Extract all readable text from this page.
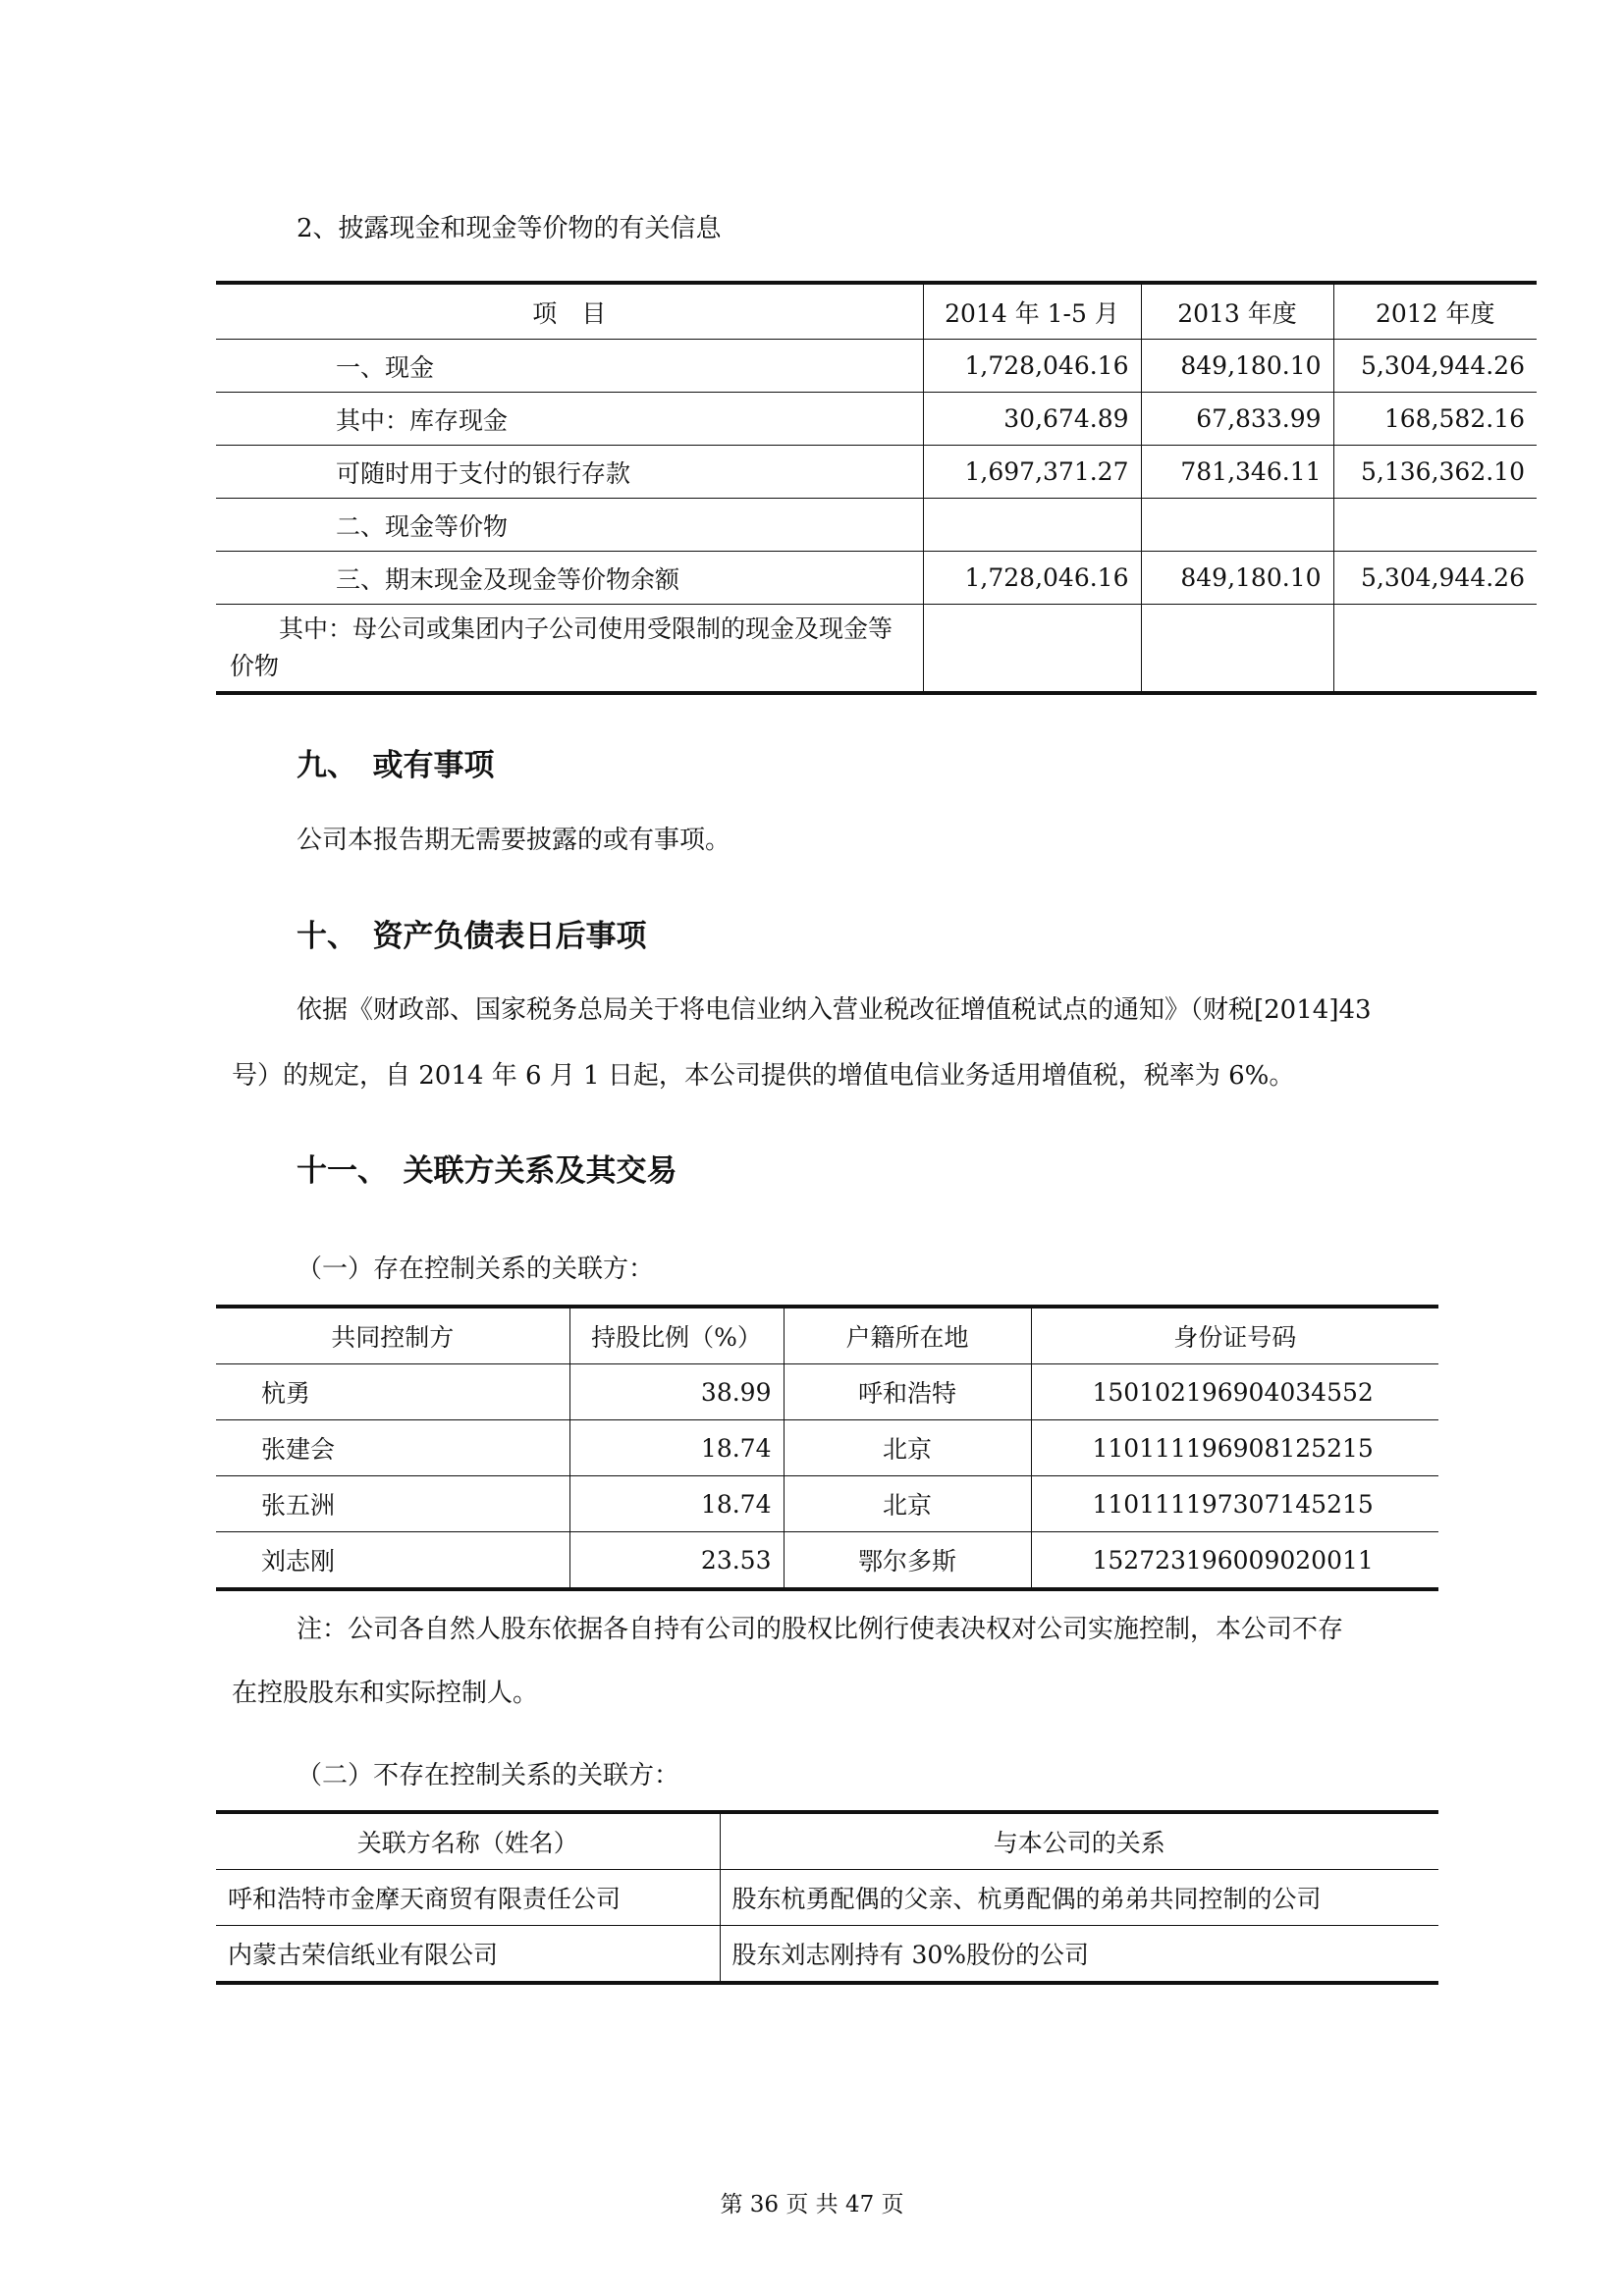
2、披露现金和现金等价物的有关信息
项　目	2014 年 1-5 月	2013 年度	2012 年度
一、现金	1,728,046.16	849,180.10	5,304,944.26
其中：库存现金	30,674.89	67,833.99	168,582.16
可随时用于支付的银行存款	1,697,371.27	781,346.11	5,136,362.10
二、现金等价物			
三、期末现金及现金等价物余额	1,728,046.16	849,180.10	5,304,944.26
　　其中：母公司或集团内子公司使用受限制的现金及现金等价物			
九、　或有事项
公司本报告期无需要披露的或有事项。
十、　资产负债表日后事项
依据《财政部、国家税务总局关于将电信业纳入营业税改征增值税试点的通知》（财税[2014]43
号）的规定，自 2014 年 6 月 1 日起，本公司提供的增值电信业务适用增值税，税率为 6%。
十一、　关联方关系及其交易
（一）存在控制关系的关联方：
共同控制方	持股比例（%）	户籍所在地	身份证号码
杭勇	38.99	呼和浩特	150102196904034552
张建会	18.74	北京	110111196908125215
张五洲	18.74	北京	110111197307145215
刘志刚	23.53	鄂尔多斯	152723196009020011
注：公司各自然人股东依据各自持有公司的股权比例行使表决权对公司实施控制，本公司不存
在控股股东和实际控制人。
（二）不存在控制关系的关联方：
关联方名称（姓名）	与本公司的关系
呼和浩特市金摩天商贸有限责任公司	股东杭勇配偶的父亲、杭勇配偶的弟弟共同控制的公司
内蒙古荣信纸业有限公司	股东刘志刚持有 30%股份的公司
第 36 页 共 47 页
